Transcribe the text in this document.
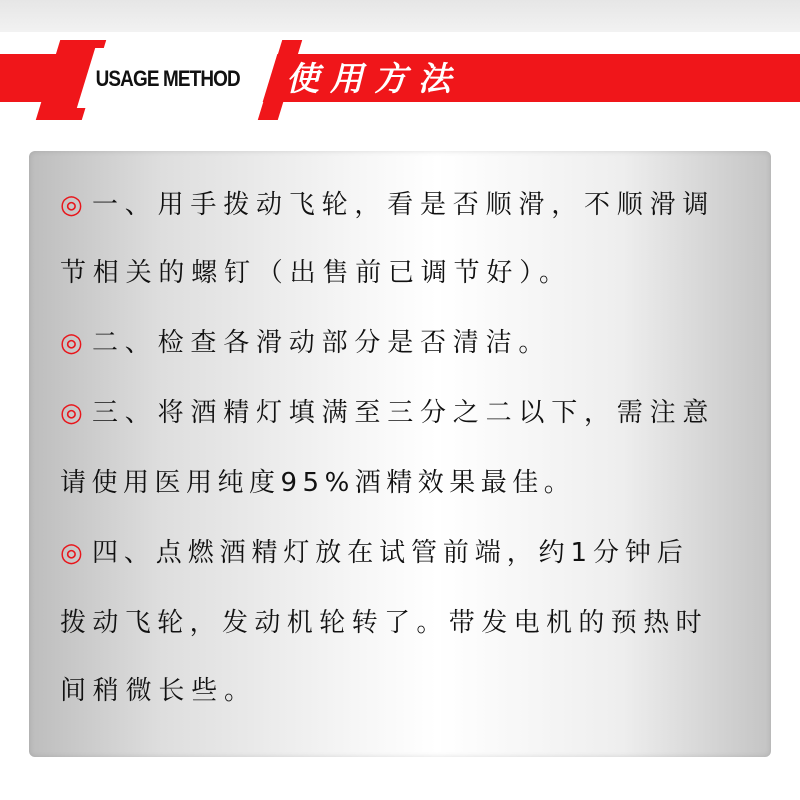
USAGE METHOD 使用方法
◎一、用手拨动飞轮，看是否顺滑，不顺滑调
节相关的螺钉（出售前已调节好）。
◎二、检查各滑动部分是否清洁。
◎三、将酒精灯填满至三分之二以下，需注意
请使用医用纯度95%酒精效果最佳。
◎ 四、点燃酒精灯放在试管前端，约1分钟后
拨动飞轮，发动机轮转了。带发电机的预热时
间稍微长些。
